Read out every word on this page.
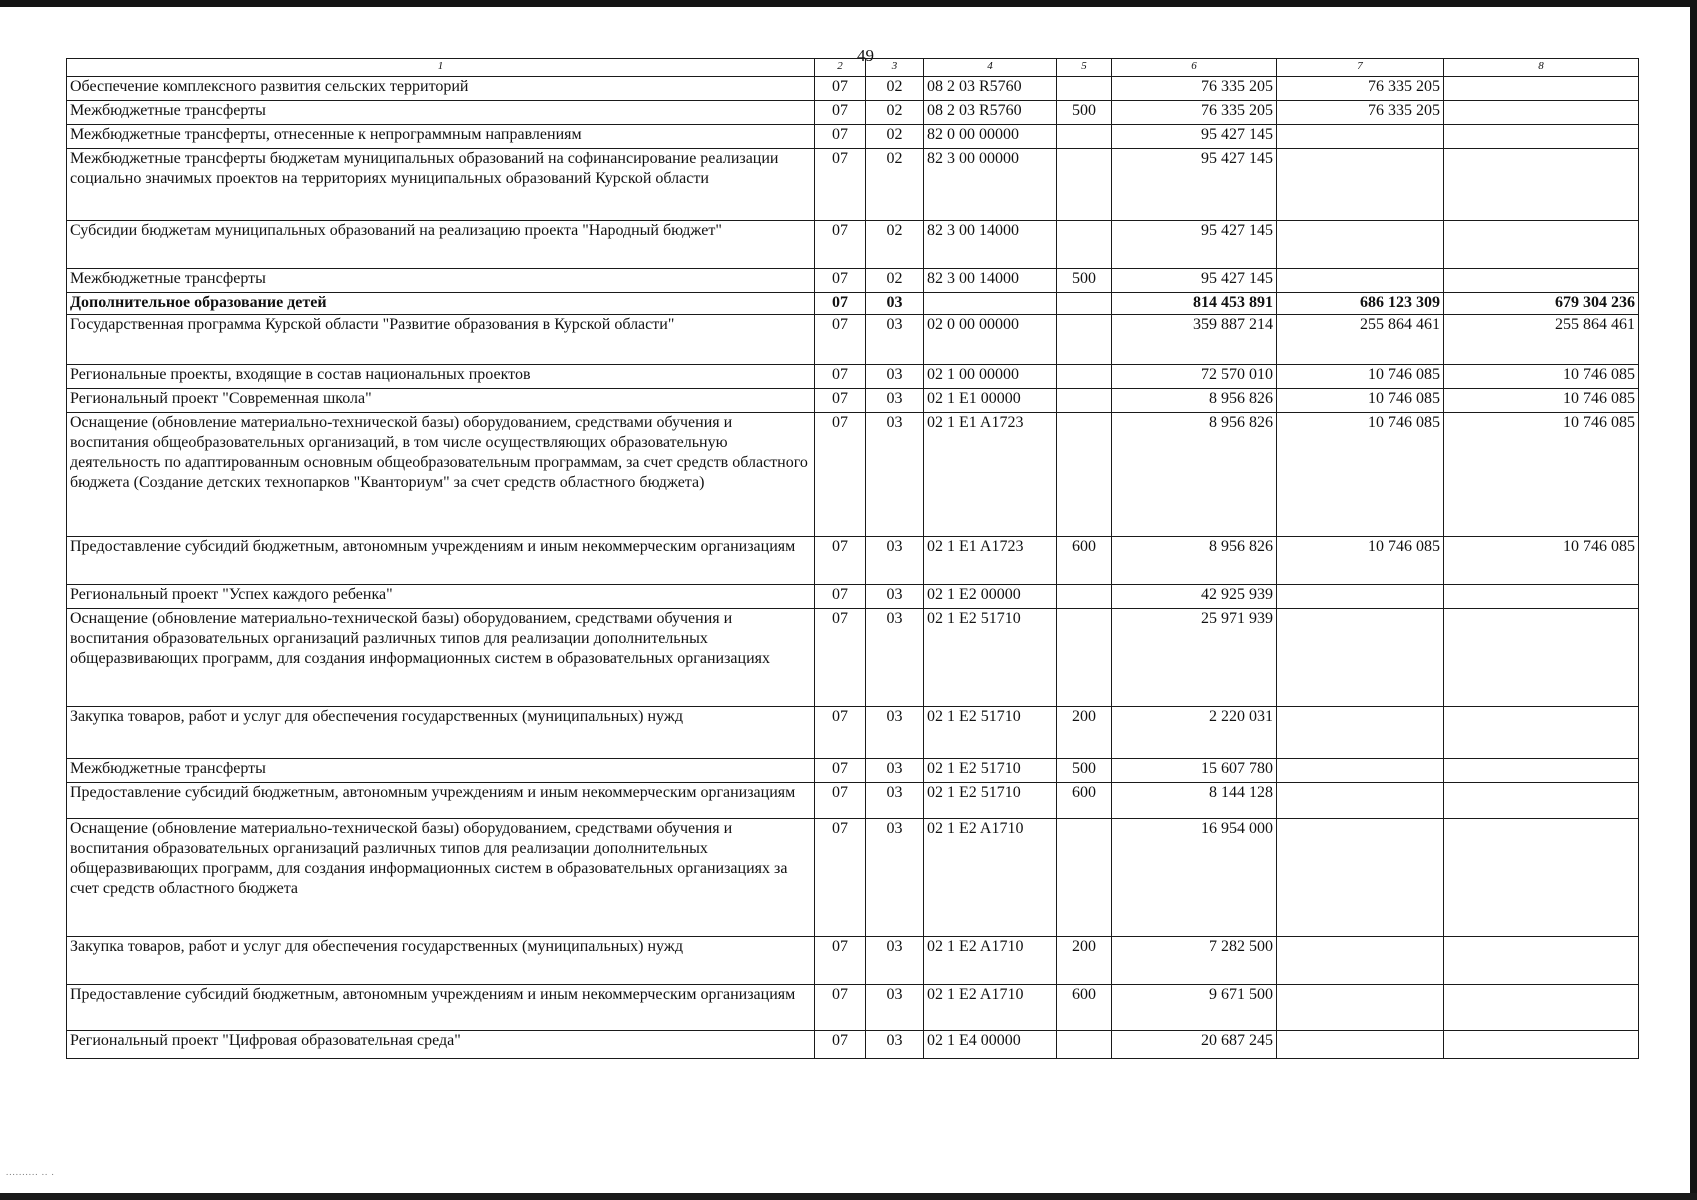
.......... .. .
49
1	2	3	4	5	6	7	8
Обеспечение комплексного развития сельских территорий	07	02	08 2 03 R5760		76 335 205	76 335 205	
Межбюджетные трансферты	07	02	08 2 03 R5760	500	76 335 205	76 335 205	
Межбюджетные трансферты, отнесенные к непрограммным направлениям	07	02	82 0 00 00000		95 427 145		
Межбюджетные трансферты бюджетам муниципальных образований на софинансирование реализации социально значимых проектов на территориях муниципальных образований Курской области	07	02	82 3 00 00000		95 427 145		
Субсидии бюджетам муниципальных образований на реализацию проекта "Народный бюджет"	07	02	82 3 00 14000		95 427 145		
Межбюджетные трансферты	07	02	82 3 00 14000	500	95 427 145		
Дополнительное образование детей	07	03			814 453 891	686 123 309	679 304 236
Государственная программа Курской области "Развитие образования в Курской области"	07	03	02 0 00 00000		359 887 214	255 864 461	255 864 461
Региональные проекты, входящие в состав национальных проектов	07	03	02 1 00 00000		72 570 010	10 746 085	10 746 085
Региональный проект "Современная школа"	07	03	02 1 E1 00000		8 956 826	10 746 085	10 746 085
Оснащение (обновление материально-технической базы) оборудованием, средствами обучения и воспитания общеобразовательных организаций, в том числе осуществляющих образовательную деятельность по адаптированным основным общеобразовательным программам, за счет средств областного бюджета (Создание детских технопарков "Кванториум" за счет средств областного бюджета)	07	03	02 1 E1 A1723		8 956 826	10 746 085	10 746 085
Предоставление субсидий бюджетным, автономным учреждениям и иным некоммерческим организациям	07	03	02 1 E1 A1723	600	8 956 826	10 746 085	10 746 085
Региональный проект "Успех каждого ребенка"	07	03	02 1 E2 00000		42 925 939		
Оснащение (обновление материально-технической базы) оборудованием, средствами обучения и воспитания образовательных организаций различных типов для реализации дополнительных общеразвивающих программ, для создания информационных систем в образовательных организациях	07	03	02 1 E2 51710		25 971 939		
Закупка товаров, работ и услуг для обеспечения государственных (муниципальных) нужд	07	03	02 1 E2 51710	200	2 220 031		
Межбюджетные трансферты	07	03	02 1 E2 51710	500	15 607 780		
Предоставление субсидий бюджетным, автономным учреждениям и иным некоммерческим организациям	07	03	02 1 E2 51710	600	8 144 128		
Оснащение (обновление материально-технической базы) оборудованием, средствами обучения и воспитания образовательных организаций различных типов для реализации дополнительных общеразвивающих программ, для создания информационных систем в образовательных организациях за счет средств областного бюджета	07	03	02 1 E2 A1710		16 954 000		
Закупка товаров, работ и услуг для обеспечения государственных (муниципальных) нужд	07	03	02 1 E2 A1710	200	7 282 500		
Предоставление субсидий бюджетным, автономным учреждениям и иным некоммерческим организациям	07	03	02 1 E2 A1710	600	9 671 500		
Региональный проект "Цифровая образовательная среда"	07	03	02 1 E4 00000		20 687 245		
